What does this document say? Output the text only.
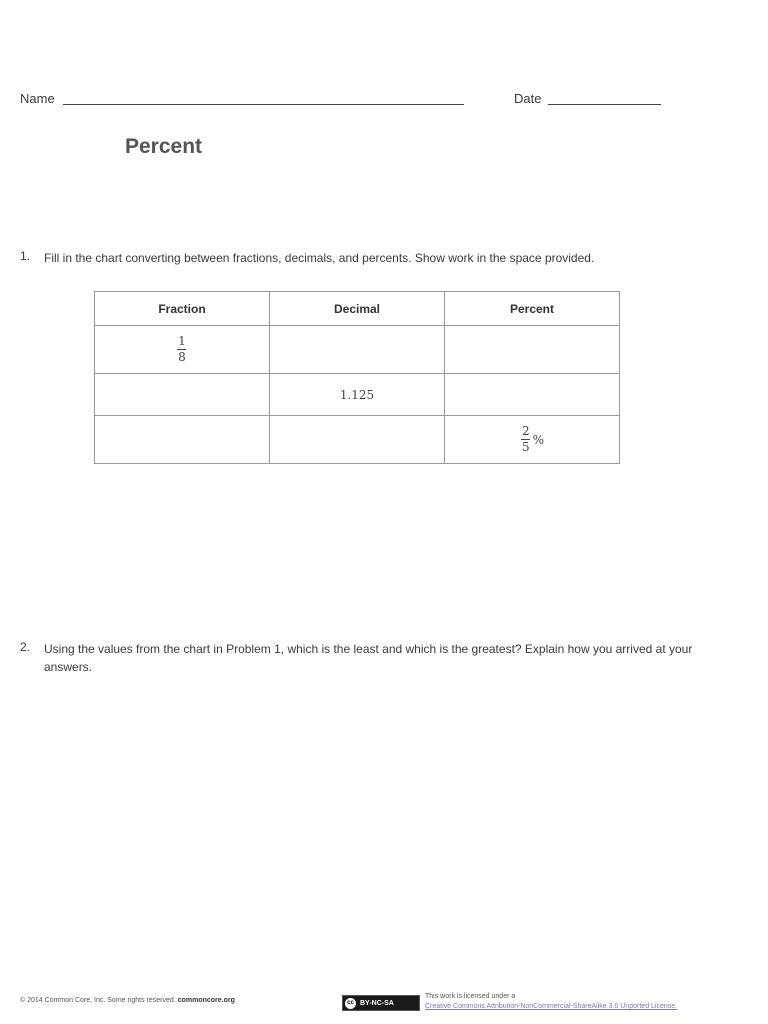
Name	Date
Percent
1. Fill in the chart converting between fractions, decimals, and percents. Show work in the space provided.
Fraction	Decimal	Percent

$\frac{1}{8}$

	1.125	

		$\frac{2}{5}$ %
2. Using the values from the chart in Problem 1, which is the least and which is the greatest? Explain how you arrived at your answers.
© 2014 Common Core, Inc. Some rights reserved. commoncore.org	cc BY-NC-SA
This work is licensed under a
Creative Commons Attribution-NonCommercial-ShareAlike 3.0 Unported License.
